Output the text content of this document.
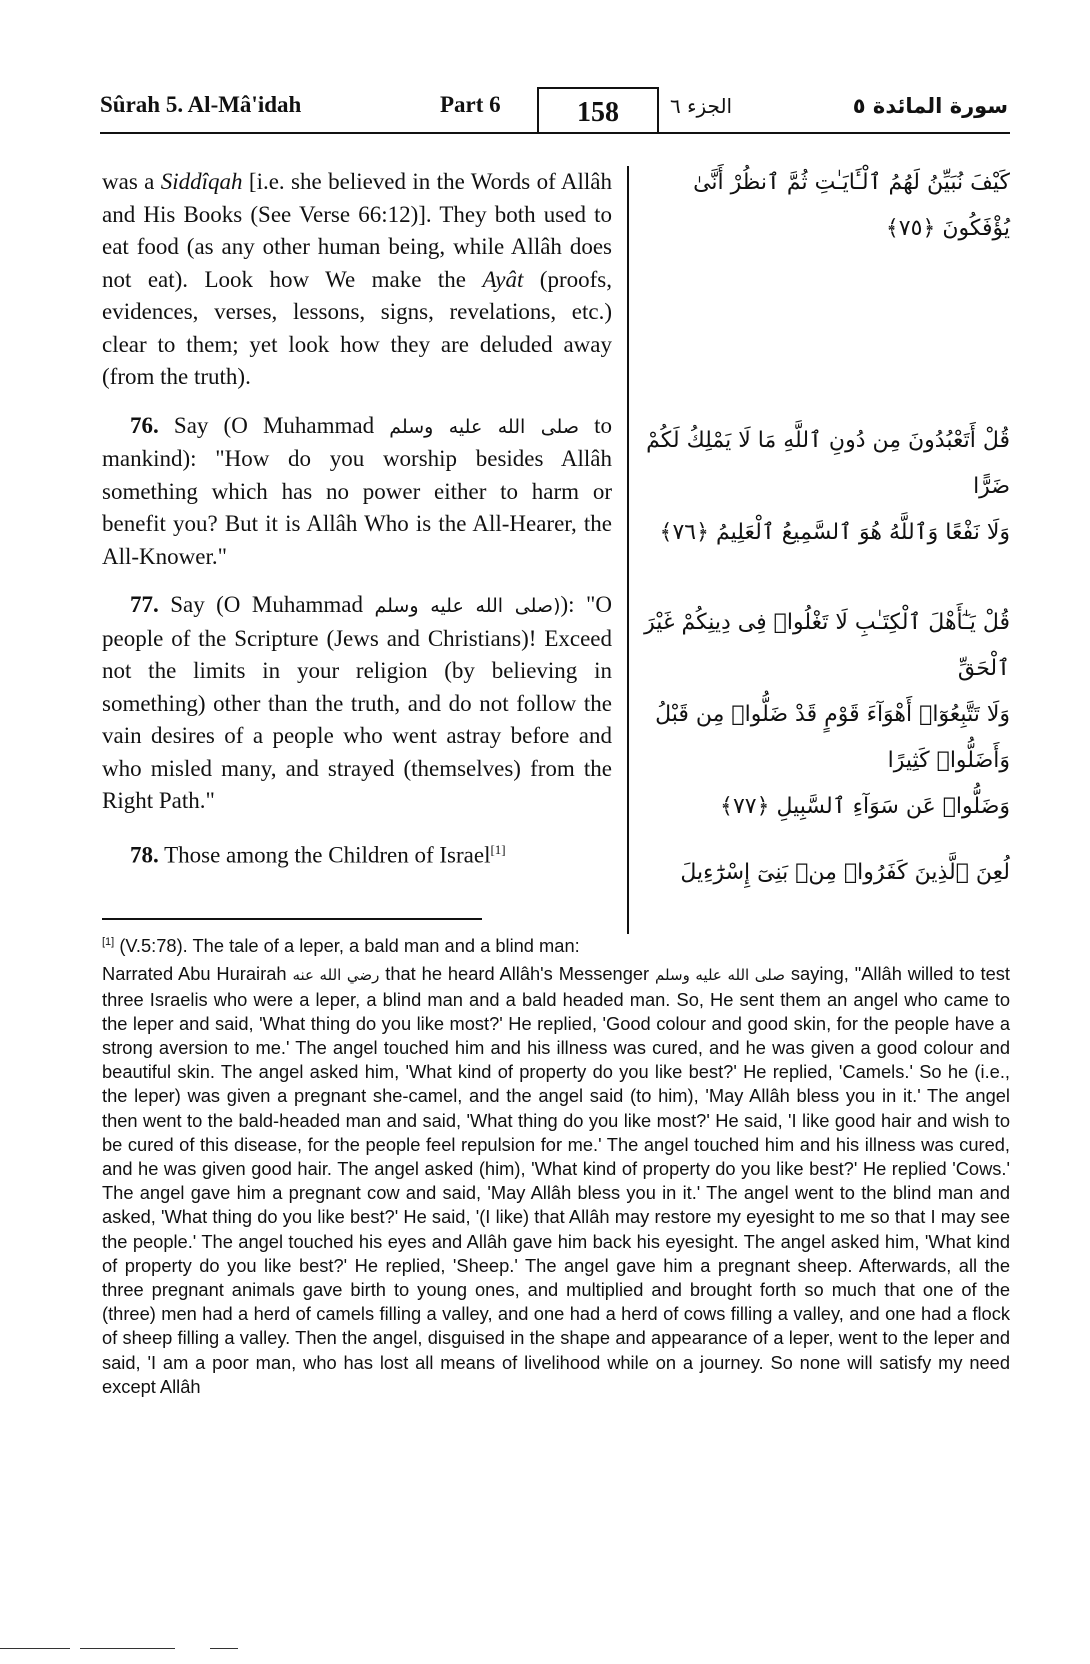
Sûrah 5. Al-Mâ'idah	Part 6	158	الجزء ٦	سورة المائدة ٥

was a Siddîqah [i.e. she believed in the Words of Allâh and His Books (See Verse 66:12)]. They both used to eat food (as any other human being, while Allâh does not eat). Look how We make the Ayât (proofs, evidences, verses, lessons, signs, revelations, etc.) clear to them; yet look how they are deluded away (from the truth).

76. Say (O Muhammad صلى الله عليه وسلم to mankind): "How do you worship besides Allâh something which has no power either to harm or benefit you? But it is Allâh Who is the All-Hearer, the All-Knower."

77. Say (O Muhammad (صلى الله عليه وسلم): "O people of the Scripture (Jews and Christians)! Exceed not the limits in your religion (by believing in something) other than the truth, and do not follow the vain desires of a people who went astray before and who misled many, and strayed (themselves) from the Right Path."

78. Those among the Children of Israel[1]

كَيْفَ نُبَيِّنُ لَهُمُ ٱلْـَٔايَـٰتِ ثُمَّ ٱنظُرْ أَنَّىٰ يُؤْفَكُونَ ﴿٧٥﴾
قُلْ أَتَعْبُدُونَ مِن دُونِ ٱللَّهِ مَا لَا يَمْلِكُ لَكُمْ ضَرًّا
وَلَا نَفْعًا وَٱللَّهُ هُوَ ٱلسَّمِيعُ ٱلْعَلِيمُ ﴿٧٦﴾
قُلْ يَـٰٓأَهْلَ ٱلْكِتَـٰبِ لَا تَغْلُوا۟ فِى دِينِكُمْ غَيْرَ ٱلْحَقِّ
وَلَا تَتَّبِعُوٓا۟ أَهْوَآءَ قَوْمٍ قَدْ ضَلُّوا۟ مِن قَبْلُ وَأَضَلُّوا۟ كَثِيرًا
وَضَلُّوا۟ عَن سَوَآءِ ٱلسَّبِيلِ ﴿٧٧﴾
لُعِنَ ٱلَّذِينَ كَفَرُوا۟ مِنۢ بَنِىٓ إِسْرَٰٓءِيلَ

[1] (V.5:78). The tale of a leper, a bald man and a blind man:

Narrated Abu Hurairah رضي الله عنه that he heard Allâh's Messenger صلى الله عليه وسلم saying, "Allâh willed to test three Israelis who were a leper, a blind man and a bald headed man. So, He sent them an angel who came to the leper and said, 'What thing do you like most?' He replied, 'Good colour and good skin, for the people have a strong aversion to me.' The angel touched him and his illness was cured, and he was given a good colour and beautiful skin. The angel asked him, 'What kind of property do you like best?' He replied, 'Camels.' So he (i.e., the leper) was given a pregnant she-camel, and the angel said (to him), 'May Allâh bless you in it.' The angel then went to the bald-headed man and said, 'What thing do you like most?' He said, 'I like good hair and wish to be cured of this disease, for the people feel repulsion for me.' The angel touched him and his illness was cured, and he was given good hair. The angel asked (him), 'What kind of property do you like best?' He replied 'Cows.' The angel gave him a pregnant cow and said, 'May Allâh bless you in it.' The angel went to the blind man and asked, 'What thing do you like best?' He said, '(I like) that Allâh may restore my eyesight to me so that I may see the people.' The angel touched his eyes and Allâh gave him back his eyesight. The angel asked him, 'What kind of property do you like best?' He replied, 'Sheep.' The angel gave him a pregnant sheep. Afterwards, all the three pregnant animals gave birth to young ones, and multiplied and brought forth so much that one of the (three) men had a herd of camels filling a valley, and one had a herd of cows filling a valley, and one had a flock of sheep filling a valley. Then the angel, disguised in the shape and appearance of a leper, went to the leper and said, 'I am a poor man, who has lost all means of livelihood while on a journey. So none will satisfy my need except Allâh
